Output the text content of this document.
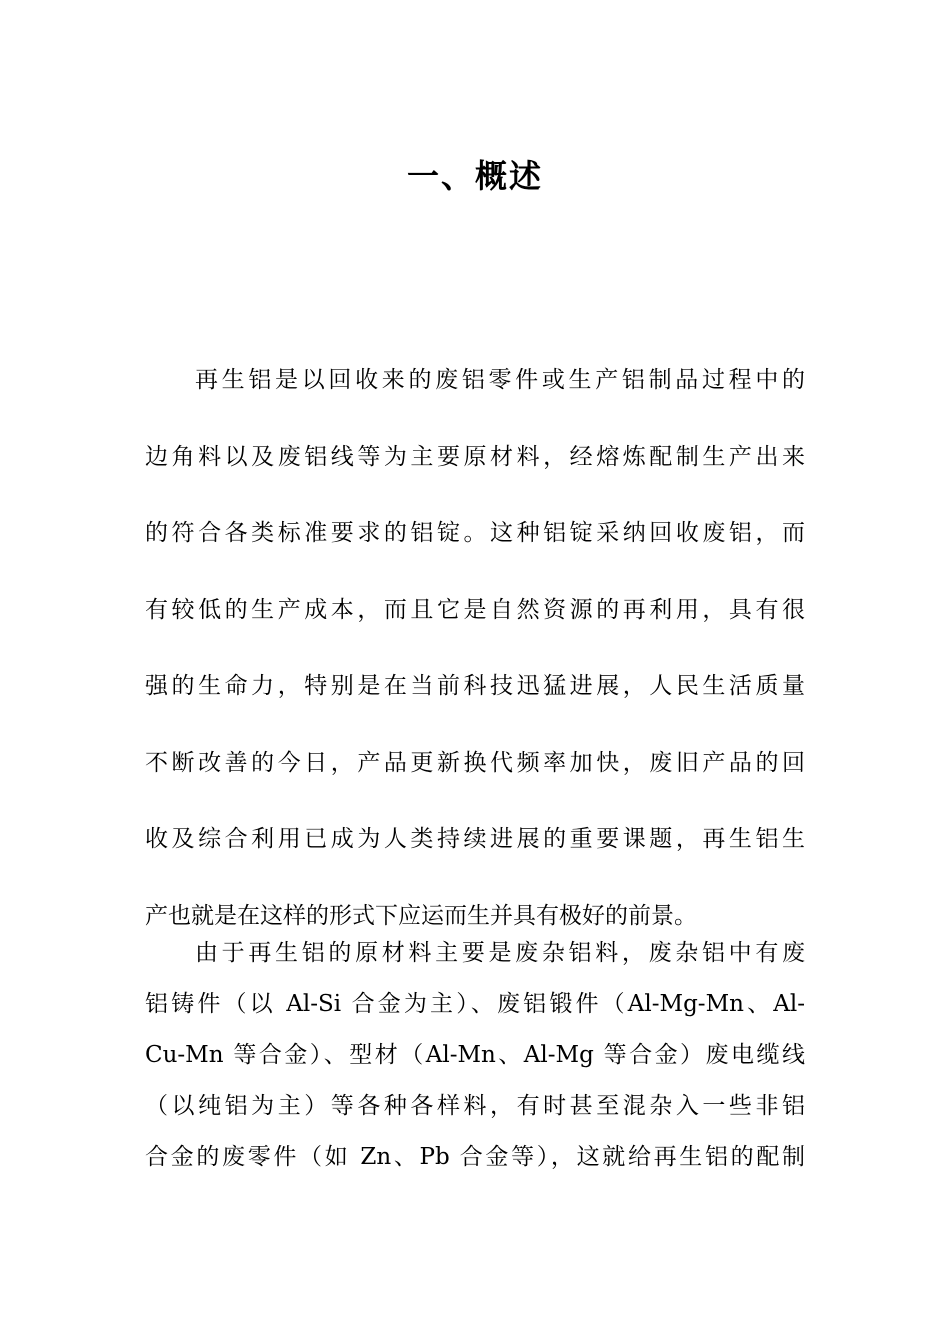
一、概述
再生铝是以回收来的废铝零件或生产铝制品过程中的
边角料以及废铝线等为主要原材料，经熔炼配制生产出来
的符合各类标准要求的铝锭。这种铝锭采纳回收废铝，而
有较低的生产成本，而且它是自然资源的再利用，具有很
强的生命力，特别是在当前科技迅猛进展，人民生活质量
不断改善的今日，产品更新换代频率加快，废旧产品的回
收及综合利用已成为人类持续进展的重要课题，再生铝生
产也就是在这样的形式下应运而生并具有极好的前景。
由于再生铝的原材料主要是废杂铝料，废杂铝中有废
铝铸件（以 Al-Si 合金为主）、废铝锻件（Al-Mg-Mn、Al-
Cu-Mn 等合金）、型材（Al-Mn、Al-Mg 等合金）废电缆线
（以纯铝为主）等各种各样料，有时甚至混杂入一些非铝
合金的废零件（如 Zn、Pb 合金等），这就给再生铝的配制
